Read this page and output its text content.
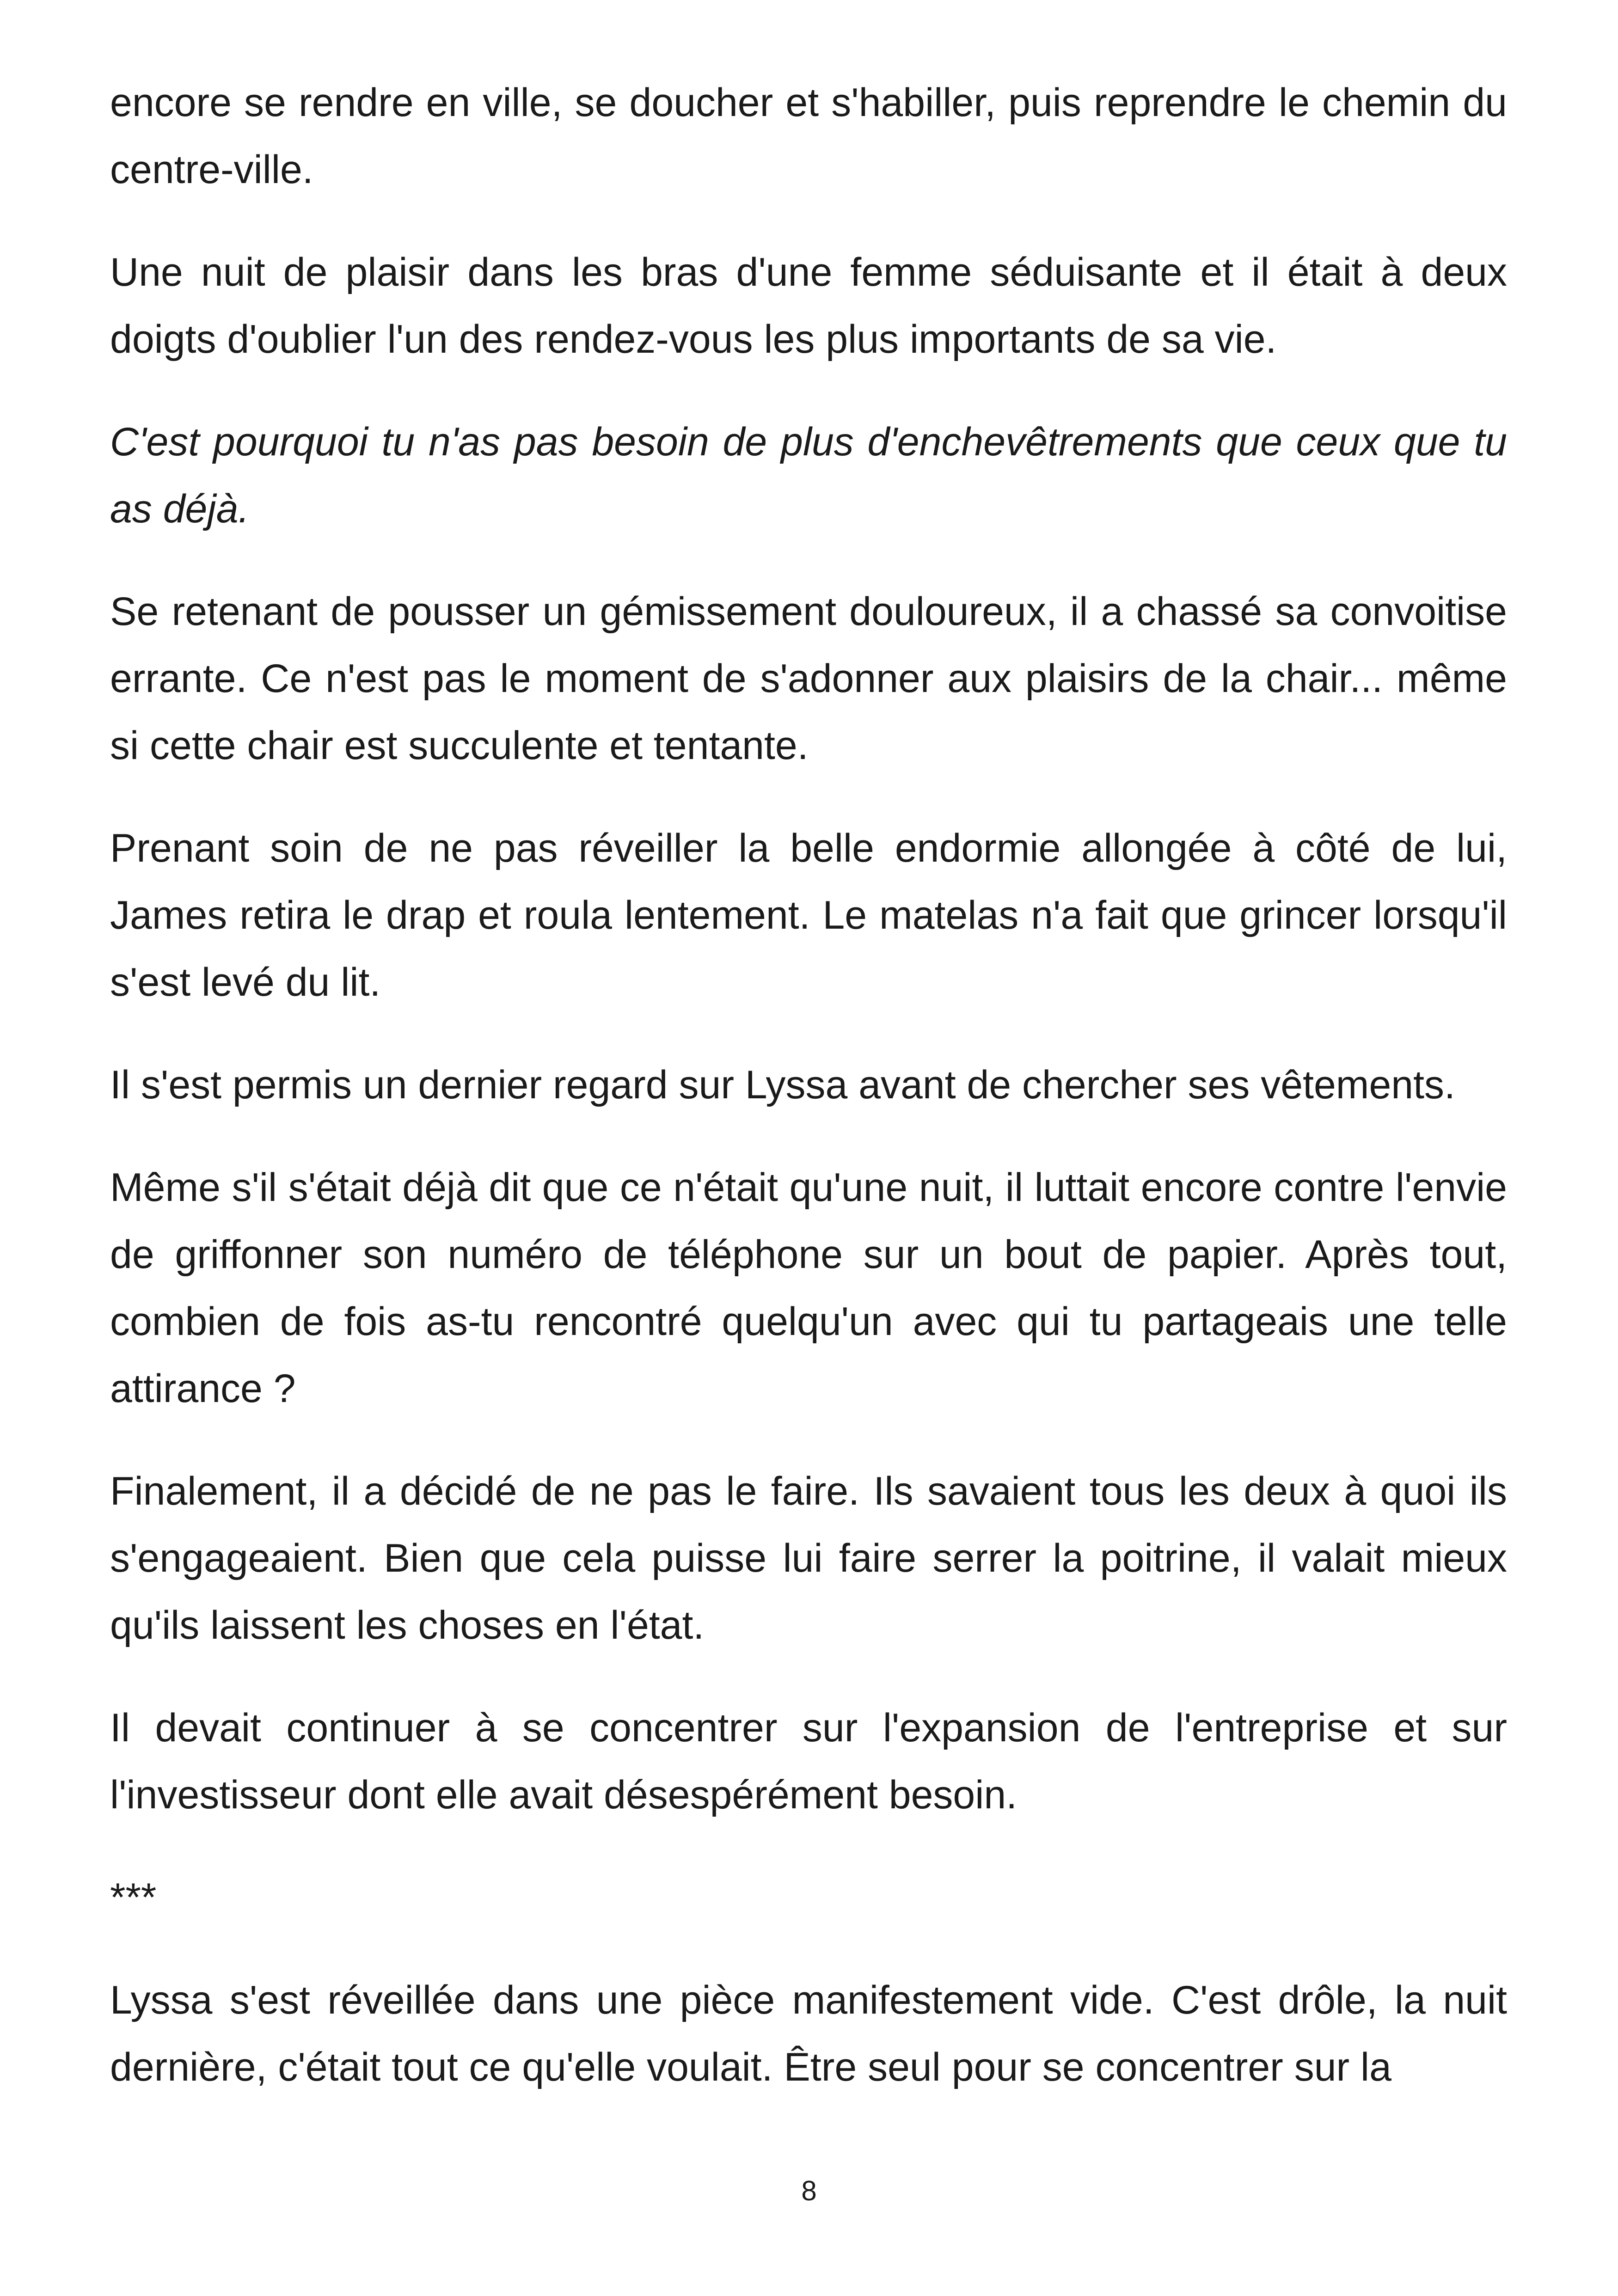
encore se rendre en ville, se doucher et s'habiller, puis reprendre le chemin du centre-ville.

Une nuit de plaisir dans les bras d'une femme séduisante et il était à deux doigts d'oublier l'un des rendez-vous les plus importants de sa vie.

C'est pourquoi tu n'as pas besoin de plus d'enchevêtrements que ceux que tu as déjà.

Se retenant de pousser un gémissement douloureux, il a chassé sa convoitise errante. Ce n'est pas le moment de s'adonner aux plaisirs de la chair... même si cette chair est succulente et tentante.

Prenant soin de ne pas réveiller la belle endormie allongée à côté de lui, James retira le drap et roula lentement. Le matelas n'a fait que grincer lorsqu'il s'est levé du lit.

Il s'est permis un dernier regard sur Lyssa avant de chercher ses vêtements.

Même s'il s'était déjà dit que ce n'était qu'une nuit, il luttait encore contre l'envie de griffonner son numéro de téléphone sur un bout de papier. Après tout, combien de fois as-tu rencontré quelqu'un avec qui tu partageais une telle attirance ?

Finalement, il a décidé de ne pas le faire. Ils savaient tous les deux à quoi ils s'engageaient. Bien que cela puisse lui faire serrer la poitrine, il valait mieux qu'ils laissent les choses en l'état.

Il devait continuer à se concentrer sur l'expansion de l'entreprise et sur l'investisseur dont elle avait désespérément besoin.

***

Lyssa s'est réveillée dans une pièce manifestement vide. C'est drôle, la nuit dernière, c'était tout ce qu'elle voulait. Être seul pour se concentrer sur la

8
